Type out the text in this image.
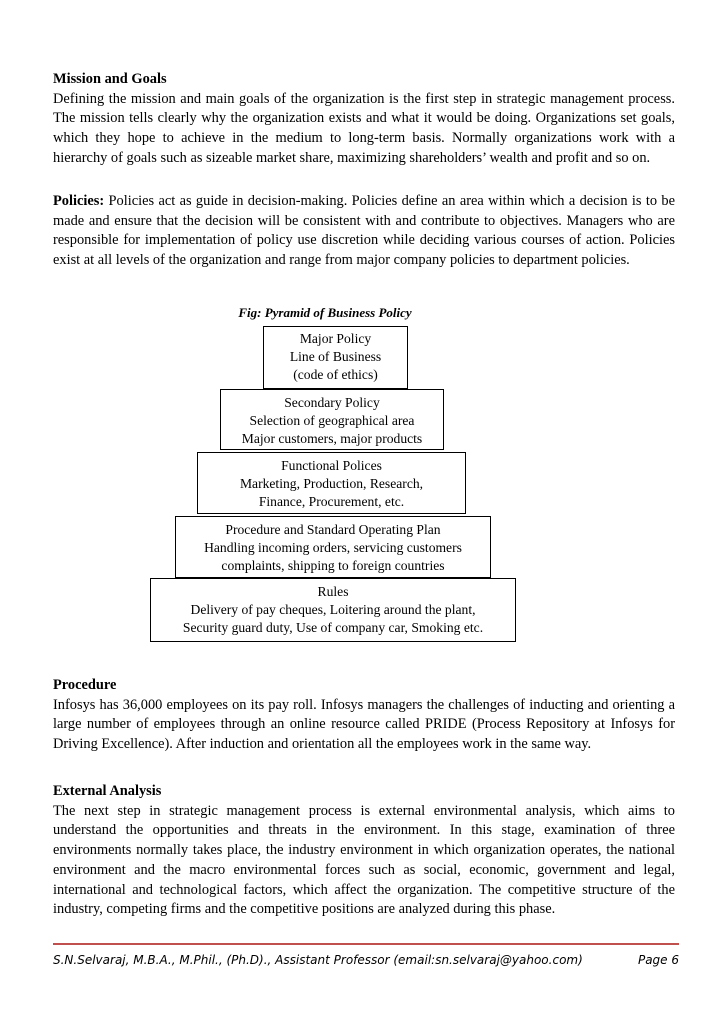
Mission and Goals
Defining the mission and main goals of the organization is the first step in strategic management process. The mission tells clearly why the organization exists and what it would be doing. Organizations set goals, which they hope to achieve in the medium to long-term basis. Normally organizations work with a hierarchy of goals such as sizeable market share, maximizing shareholders’ wealth and profit and so on.
Policies: Policies act as guide in decision-making. Policies define an area within which a decision is to be made and ensure that the decision will be consistent with and contribute to objectives. Managers who are responsible for implementation of policy use discretion while deciding various courses of action. Policies exist at all levels of the organization and range from major company policies to department policies.
Fig: Pyramid of Business Policy
Major Policy
Line of Business
(code of ethics)
Secondary Policy
Selection of geographical area
Major customers, major products
Functional Polices
Marketing, Production, Research,
Finance, Procurement, etc.
Procedure and Standard Operating Plan
Handling incoming orders, servicing customers
complaints, shipping to foreign countries
Rules
Delivery of pay cheques, Loitering around the plant,
Security guard duty, Use of company car, Smoking etc.
Procedure
Infosys has 36,000 employees on its pay roll. Infosys managers the challenges of inducting and orienting a large number of employees through an online resource called PRIDE (Process Repository at Infosys for Driving Excellence). After induction and orientation all the employees work in the same way.
External Analysis
The next step in strategic management process is external environmental analysis, which aims to understand the opportunities and threats in the environment. In this stage, examination of three environments normally takes place, the industry environment in which organization operates, the national environment and the macro environmental forces such as social, economic, government and legal, international and technological factors, which affect the organization. The competitive structure of the industry, competing firms and the competitive positions are analyzed during this phase.
S.N.Selvaraj, M.B.A., M.Phil., (Ph.D)., Assistant Professor (email:sn.selvaraj@yahoo.com)	Page 6
